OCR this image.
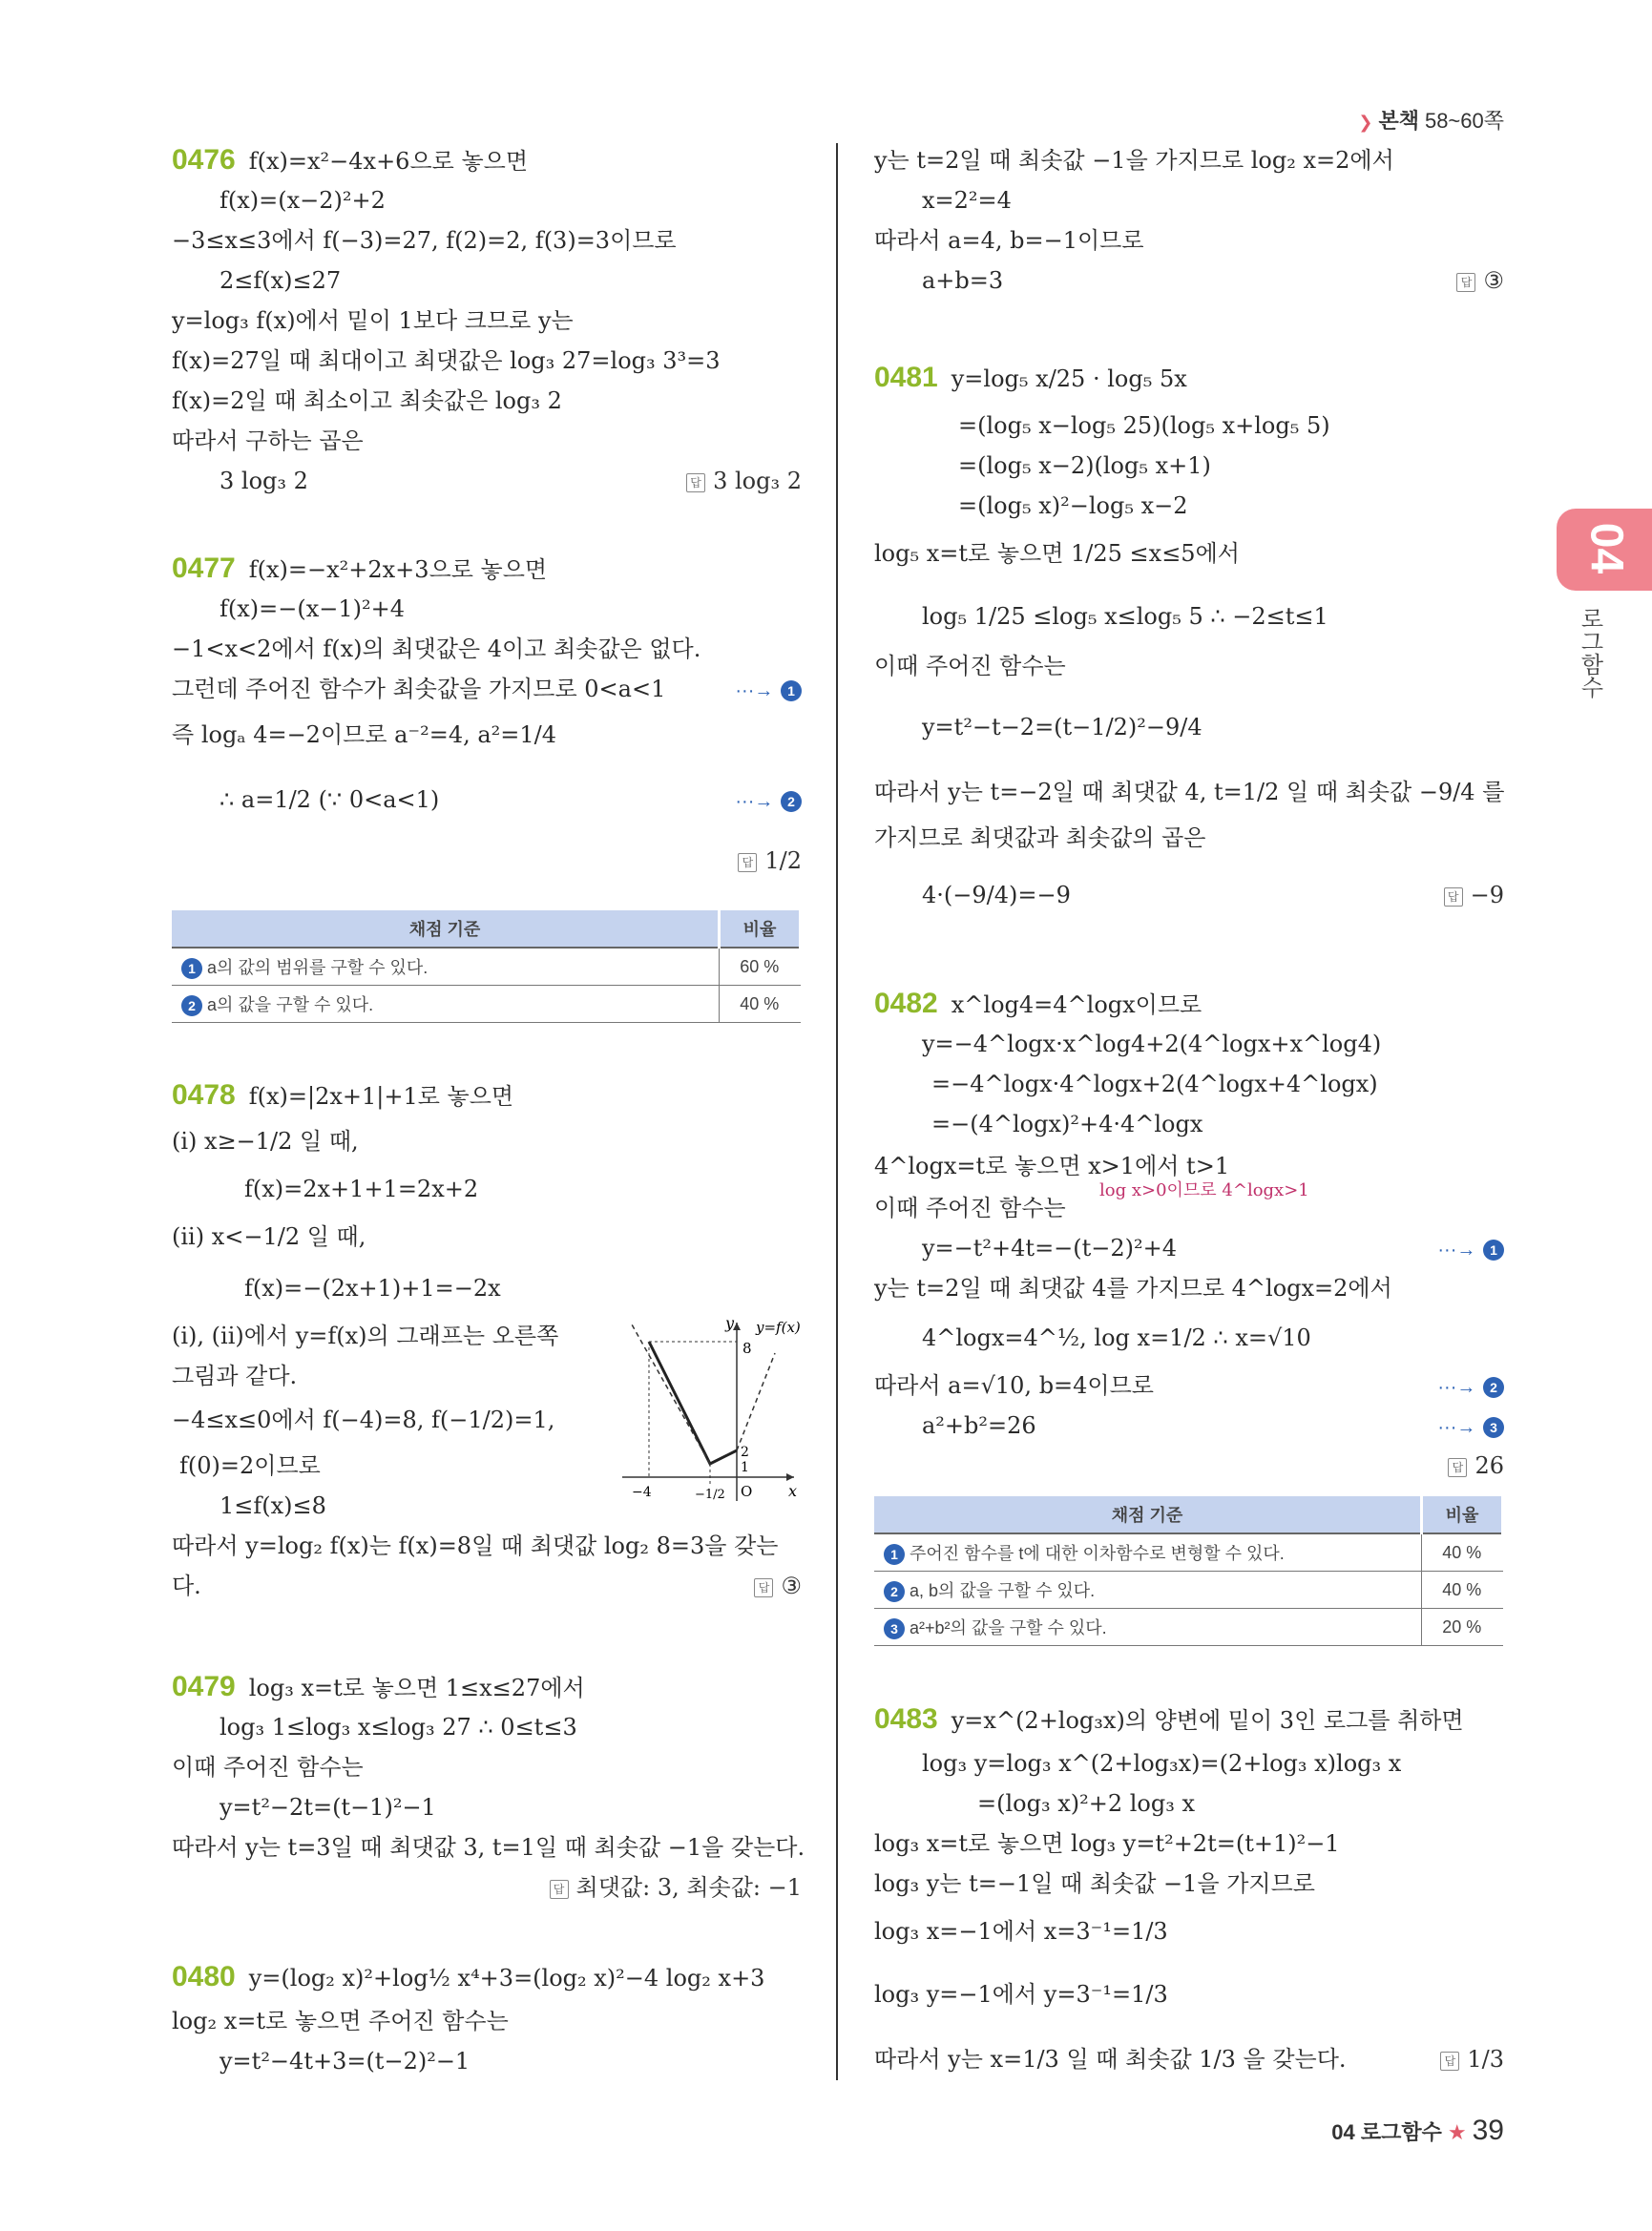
❯ 본책 58~60쪽
04
로그함수
0476 f(x)=x²−4x+6으로 놓으면
f(x)=(x−2)²+2
−3≤x≤3에서 f(−3)=27, f(2)=2, f(3)=3이므로
2≤f(x)≤27
y=log₃ f(x)에서 밑이 1보다 크므로 y는
f(x)=27일 때 최대이고 최댓값은 log₃ 27=log₃ 3³=3
f(x)=2일 때 최소이고 최솟값은 log₃ 2
따라서 구하는 곱은
3 log₃ 2	답 3 log₃ 2
0477 f(x)=−x²+2x+3으로 놓으면
f(x)=−(x−1)²+4
−1<x<2에서 f(x)의 최댓값은 4이고 최솟값은 없다.
그런데 주어진 함수가 최솟값을 가지므로 0<a<1	···→ 1
즉 logₐ 4=−2이므로 a⁻²=4, a²=1/4
∴ a=1/2 (∵ 0<a<1)	···→ 2
답 1/2
채점 기준	비율
1 a의 값의 범위를 구할 수 있다.	60 %
2 a의 값을 구할 수 있다.	40 %
0478 f(x)=|2x+1|+1로 놓으면
(i) x≥−1/2 일 때,
f(x)=2x+1+1=2x+2
(ii) x<−1/2 일 때,
f(x)=−(2x+1)+1=−2x
(i), (ii)에서 y=f(x)의 그래프는 오른쪽
그림과 같다.
−4≤x≤0에서 f(−4)=8, f(−1/2)=1,
f(0)=2이므로
1≤f(x)≤8
따라서 y=log₂ f(x)는 f(x)=8일 때 최댓값 log₂ 8=3을 갖는
다.	답 ③
y
8
y=f(x)
2
1
−4	−1/2 O x
0479 log₃ x=t로 놓으면 1≤x≤27에서
log₃ 1≤log₃ x≤log₃ 27 ∴ 0≤t≤3
이때 주어진 함수는
y=t²−2t=(t−1)²−1
따라서 y는 t=3일 때 최댓값 3, t=1일 때 최솟값 −1을 갖는다.
답 최댓값: 3, 최솟값: −1
0480 y=(log₂ x)²+log½ x⁴+3=(log₂ x)²−4 log₂ x+3
log₂ x=t로 놓으면 주어진 함수는
y=t²−4t+3=(t−2)²−1
y는 t=2일 때 최솟값 −1을 가지므로 log₂ x=2에서
x=2²=4
따라서 a=4, b=−1이므로
a+b=3	답 ③
0481 y=log₅ x/25 · log₅ 5x
=(log₅ x−log₅ 25)(log₅ x+log₅ 5)
=(log₅ x−2)(log₅ x+1)
=(log₅ x)²−log₅ x−2
log₅ x=t로 놓으면 1/25 ≤x≤5에서
log₅ 1/25 ≤log₅ x≤log₅ 5 ∴ −2≤t≤1
이때 주어진 함수는
y=t²−t−2=(t−1/2)²−9/4
따라서 y는 t=−2일 때 최댓값 4, t=1/2 일 때 최솟값 −9/4 를
가지므로 최댓값과 최솟값의 곱은
4·(−9/4)=−9	답 −9
0482 x^log4=4^logx이므로
y=−4^logx·x^log4+2(4^logx+x^log4)
=−4^logx·4^logx+2(4^logx+4^logx)
=−(4^logx)²+4·4^logx
4^logx=t로 놓으면 x>1에서 t>1
log x>0이므로 4^logx>1
이때 주어진 함수는
y=−t²+4t=−(t−2)²+4	···→ 1
y는 t=2일 때 최댓값 4를 가지므로 4^logx=2에서
4^logx=4^½, log x=1/2 ∴ x=√10
따라서 a=√10, b=4이므로	···→ 2
a²+b²=26	···→ 3
답 26
채점 기준	비율
1 주어진 함수를 t에 대한 이차함수로 변형할 수 있다.	40 %
2 a, b의 값을 구할 수 있다.	40 %
3 a²+b²의 값을 구할 수 있다.	20 %
0483 y=x^(2+log₃x)의 양변에 밑이 3인 로그를 취하면
log₃ y=log₃ x^(2+log₃x)=(2+log₃ x)log₃ x
=(log₃ x)²+2 log₃ x
log₃ x=t로 놓으면 log₃ y=t²+2t=(t+1)²−1
log₃ y는 t=−1일 때 최솟값 −1을 가지므로
log₃ x=−1에서 x=3⁻¹=1/3
log₃ y=−1에서 y=3⁻¹=1/3
따라서 y는 x=1/3 일 때 최솟값 1/3 을 갖는다.	답 1/3
04 로그함수 ★ 39
